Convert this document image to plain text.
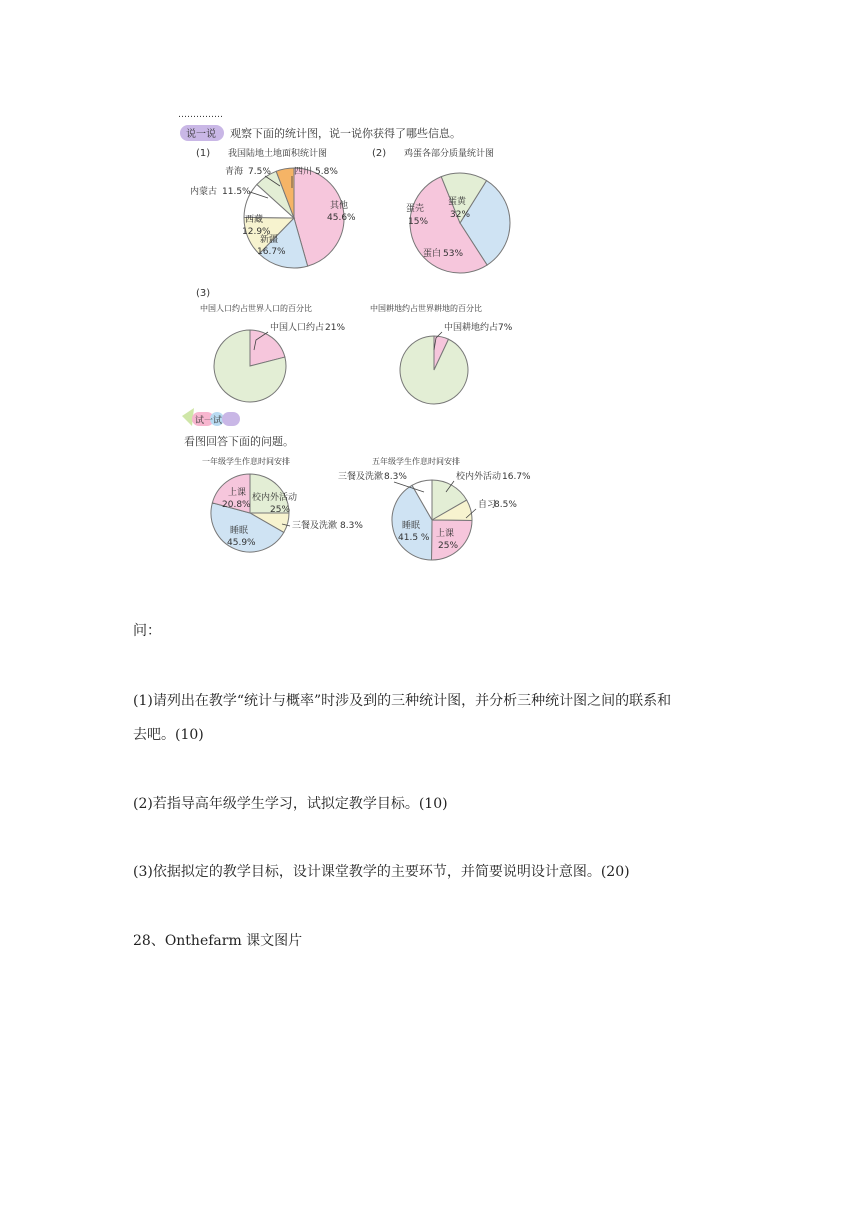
……………
说一说 观察下面的统计图，说一说你获得了哪些信息。
(1) 我国陆地土地面积统计图
其他
45.6%
新疆
16.7%
西藏
12.9%
内蒙古 11.5%
青海 7.5%	四川 5.8%
(2) 鸡蛋各部分质量统计图
蛋黄
32%
蛋白 53%
蛋壳
15%
(3)
中国人口约占世界人口的百分比
中国人口约占 21%
中国耕地约占世界耕地的百分比
中国耕地约占 7%
试一试
看图回答下面的问题。
一年级学生作息时间安排
校内外活动
25%
三餐及洗漱 8.3%
睡眠
45.9%
上课
20.8%
五年级学生作息时间安排
校内外活动 16.7%
自习
8.5%
上课
25%
睡眠
41.5 %
三餐及洗漱 8.3%
问：
(1)请列出在教学“统计与概率”时涉及到的三种统计图，并分析三种统计图之间的联系和
去吧。(10)
(2)若指导高年级学生学习，试拟定教学目标。(10)
(3)依据拟定的教学目标，设计课堂教学的主要环节，并简要说明设计意图。(20)
28、Onthefarm 课文图片
